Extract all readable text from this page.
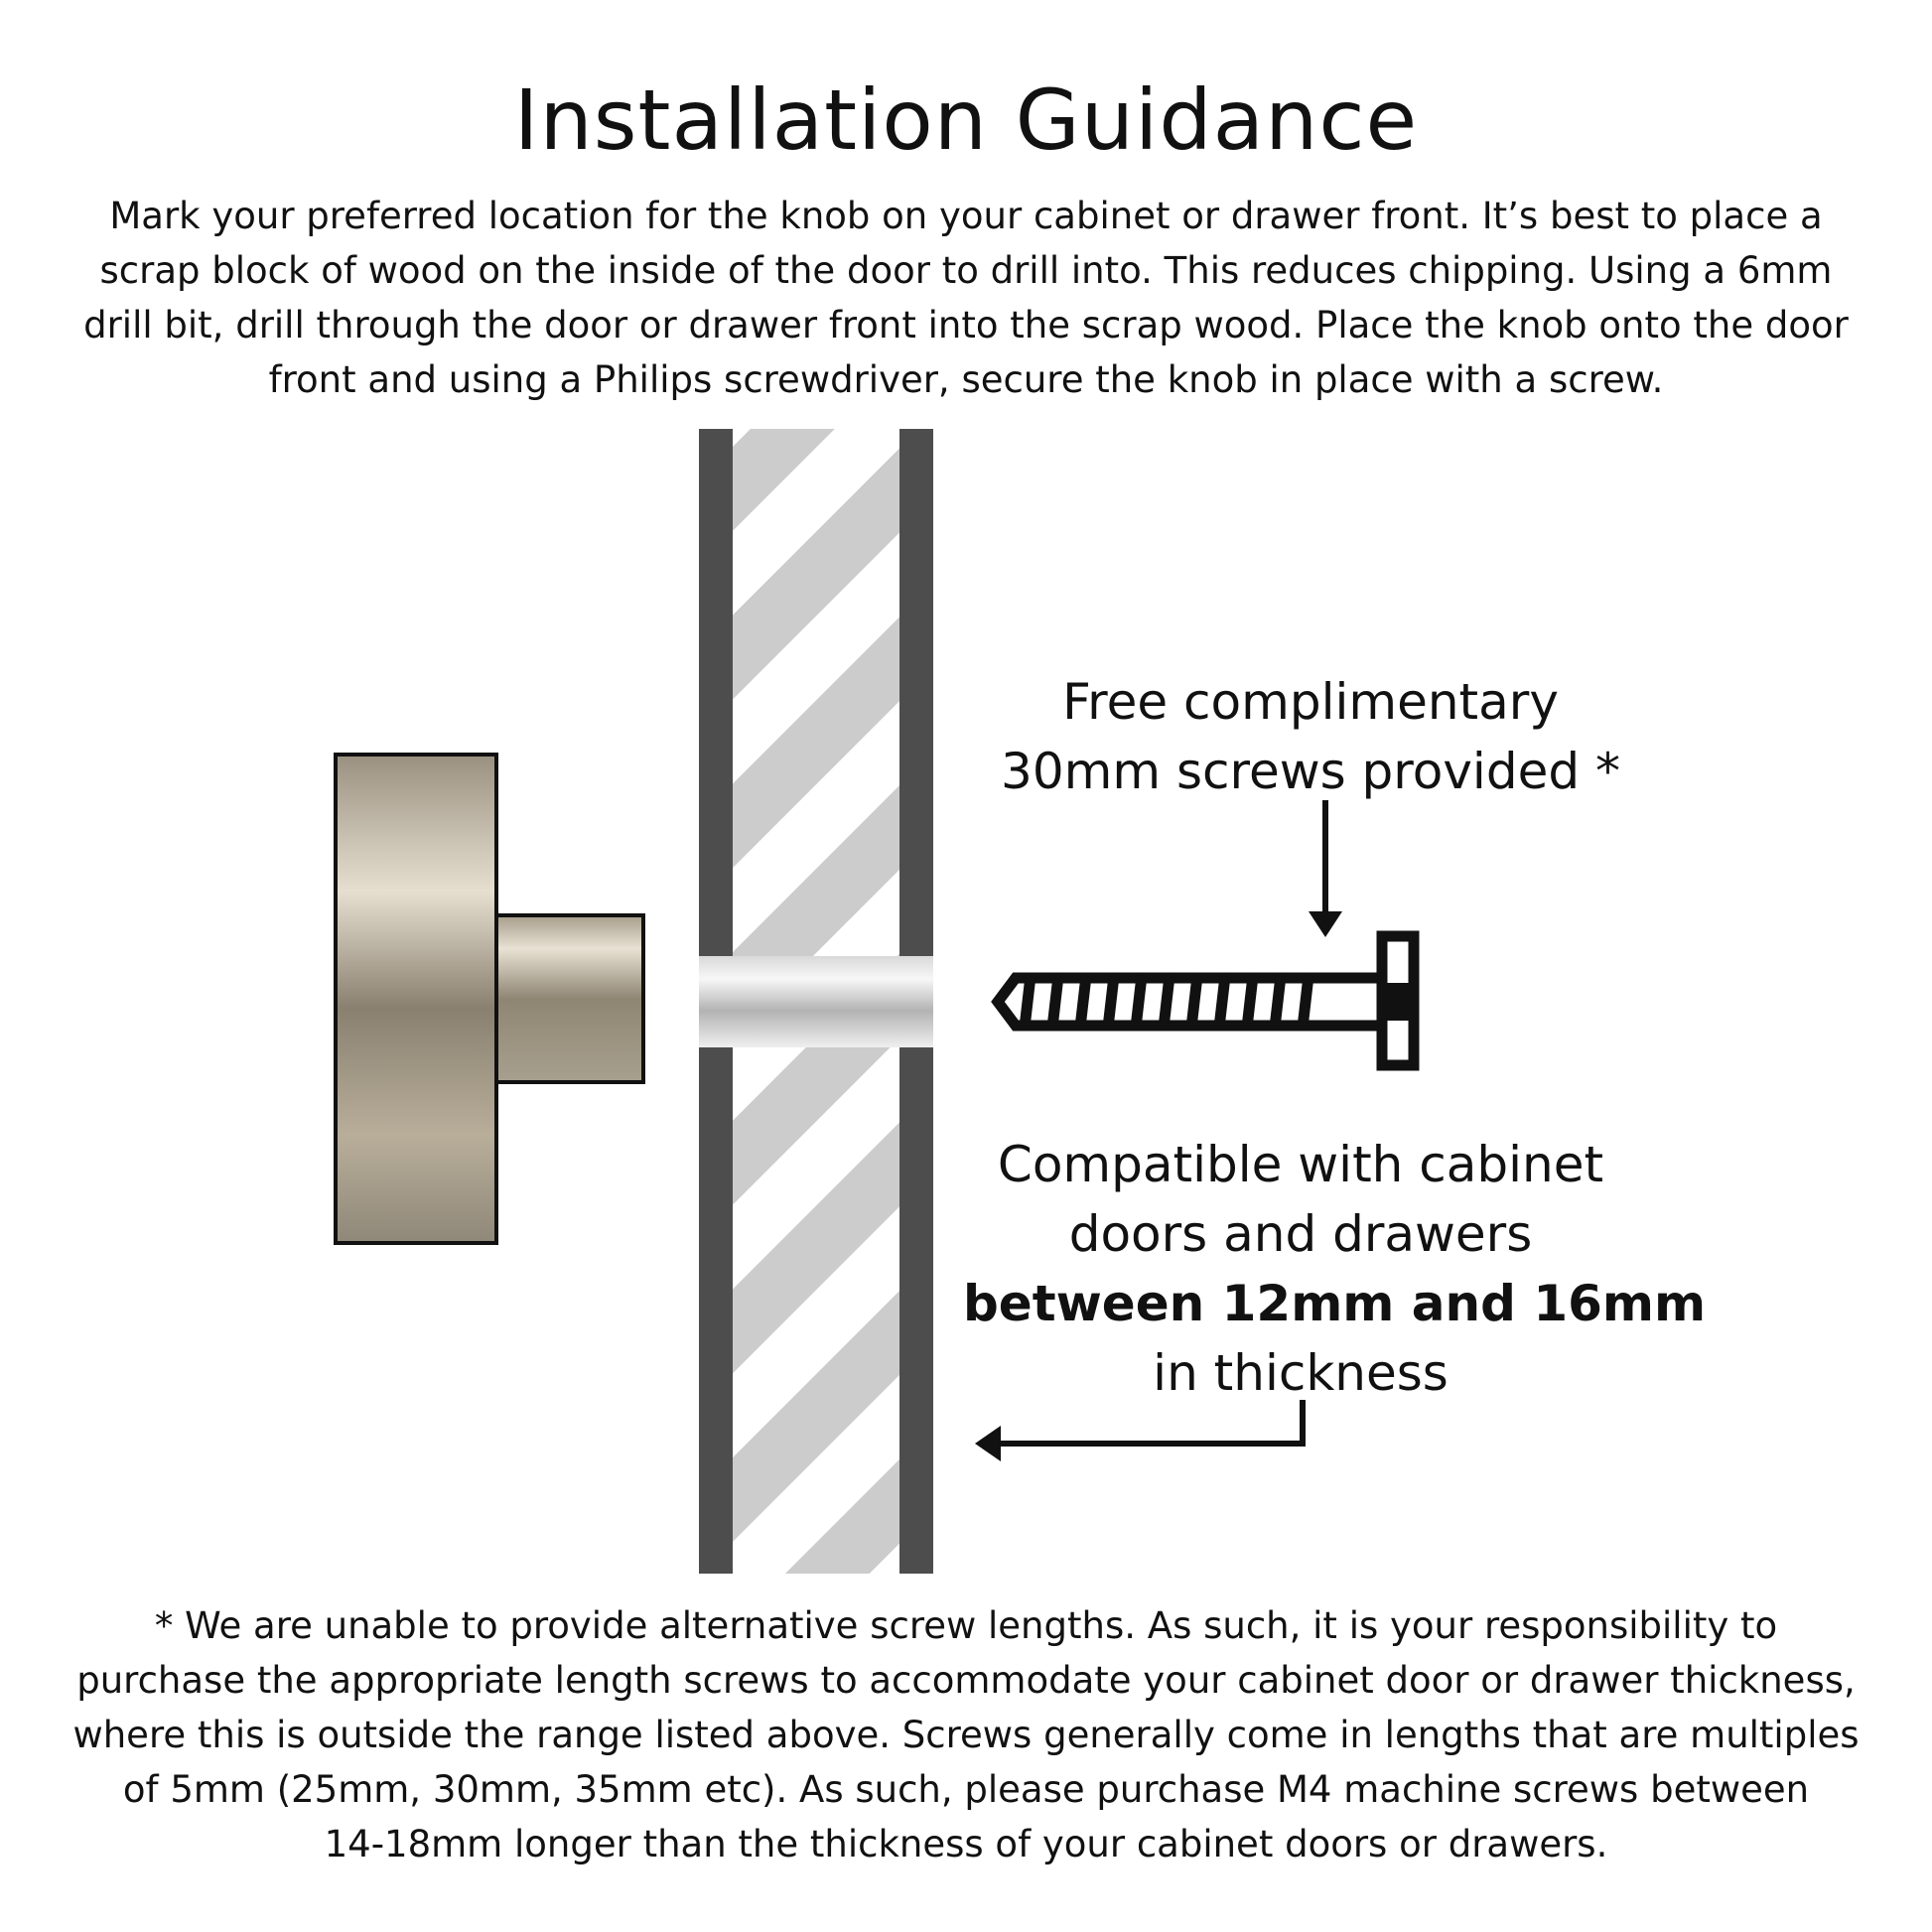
Installation Guidance
Mark your preferred location for the knob on your cabinet or drawer front. It’s best to place a
scrap block of wood on the inside of the door to drill into. This reduces chipping. Using a 6mm
drill bit, drill through the door or drawer front into the scrap wood. Place the knob onto the door
front and using a Philips screwdriver, secure the knob in place with a screw.
Free complimentary
30mm screws provided *
Compatible with cabinet
doors and drawers
between 12mm and 16mm
in thickness
* We are unable to provide alternative screw lengths. As such, it is your responsibility to
purchase the appropriate length screws to accommodate your cabinet door or drawer thickness,
where this is outside the range listed above. Screws generally come in lengths that are multiples
of 5mm (25mm, 30mm, 35mm etc). As such, please purchase M4 machine screws between
14-18mm longer than the thickness of your cabinet doors or drawers.
